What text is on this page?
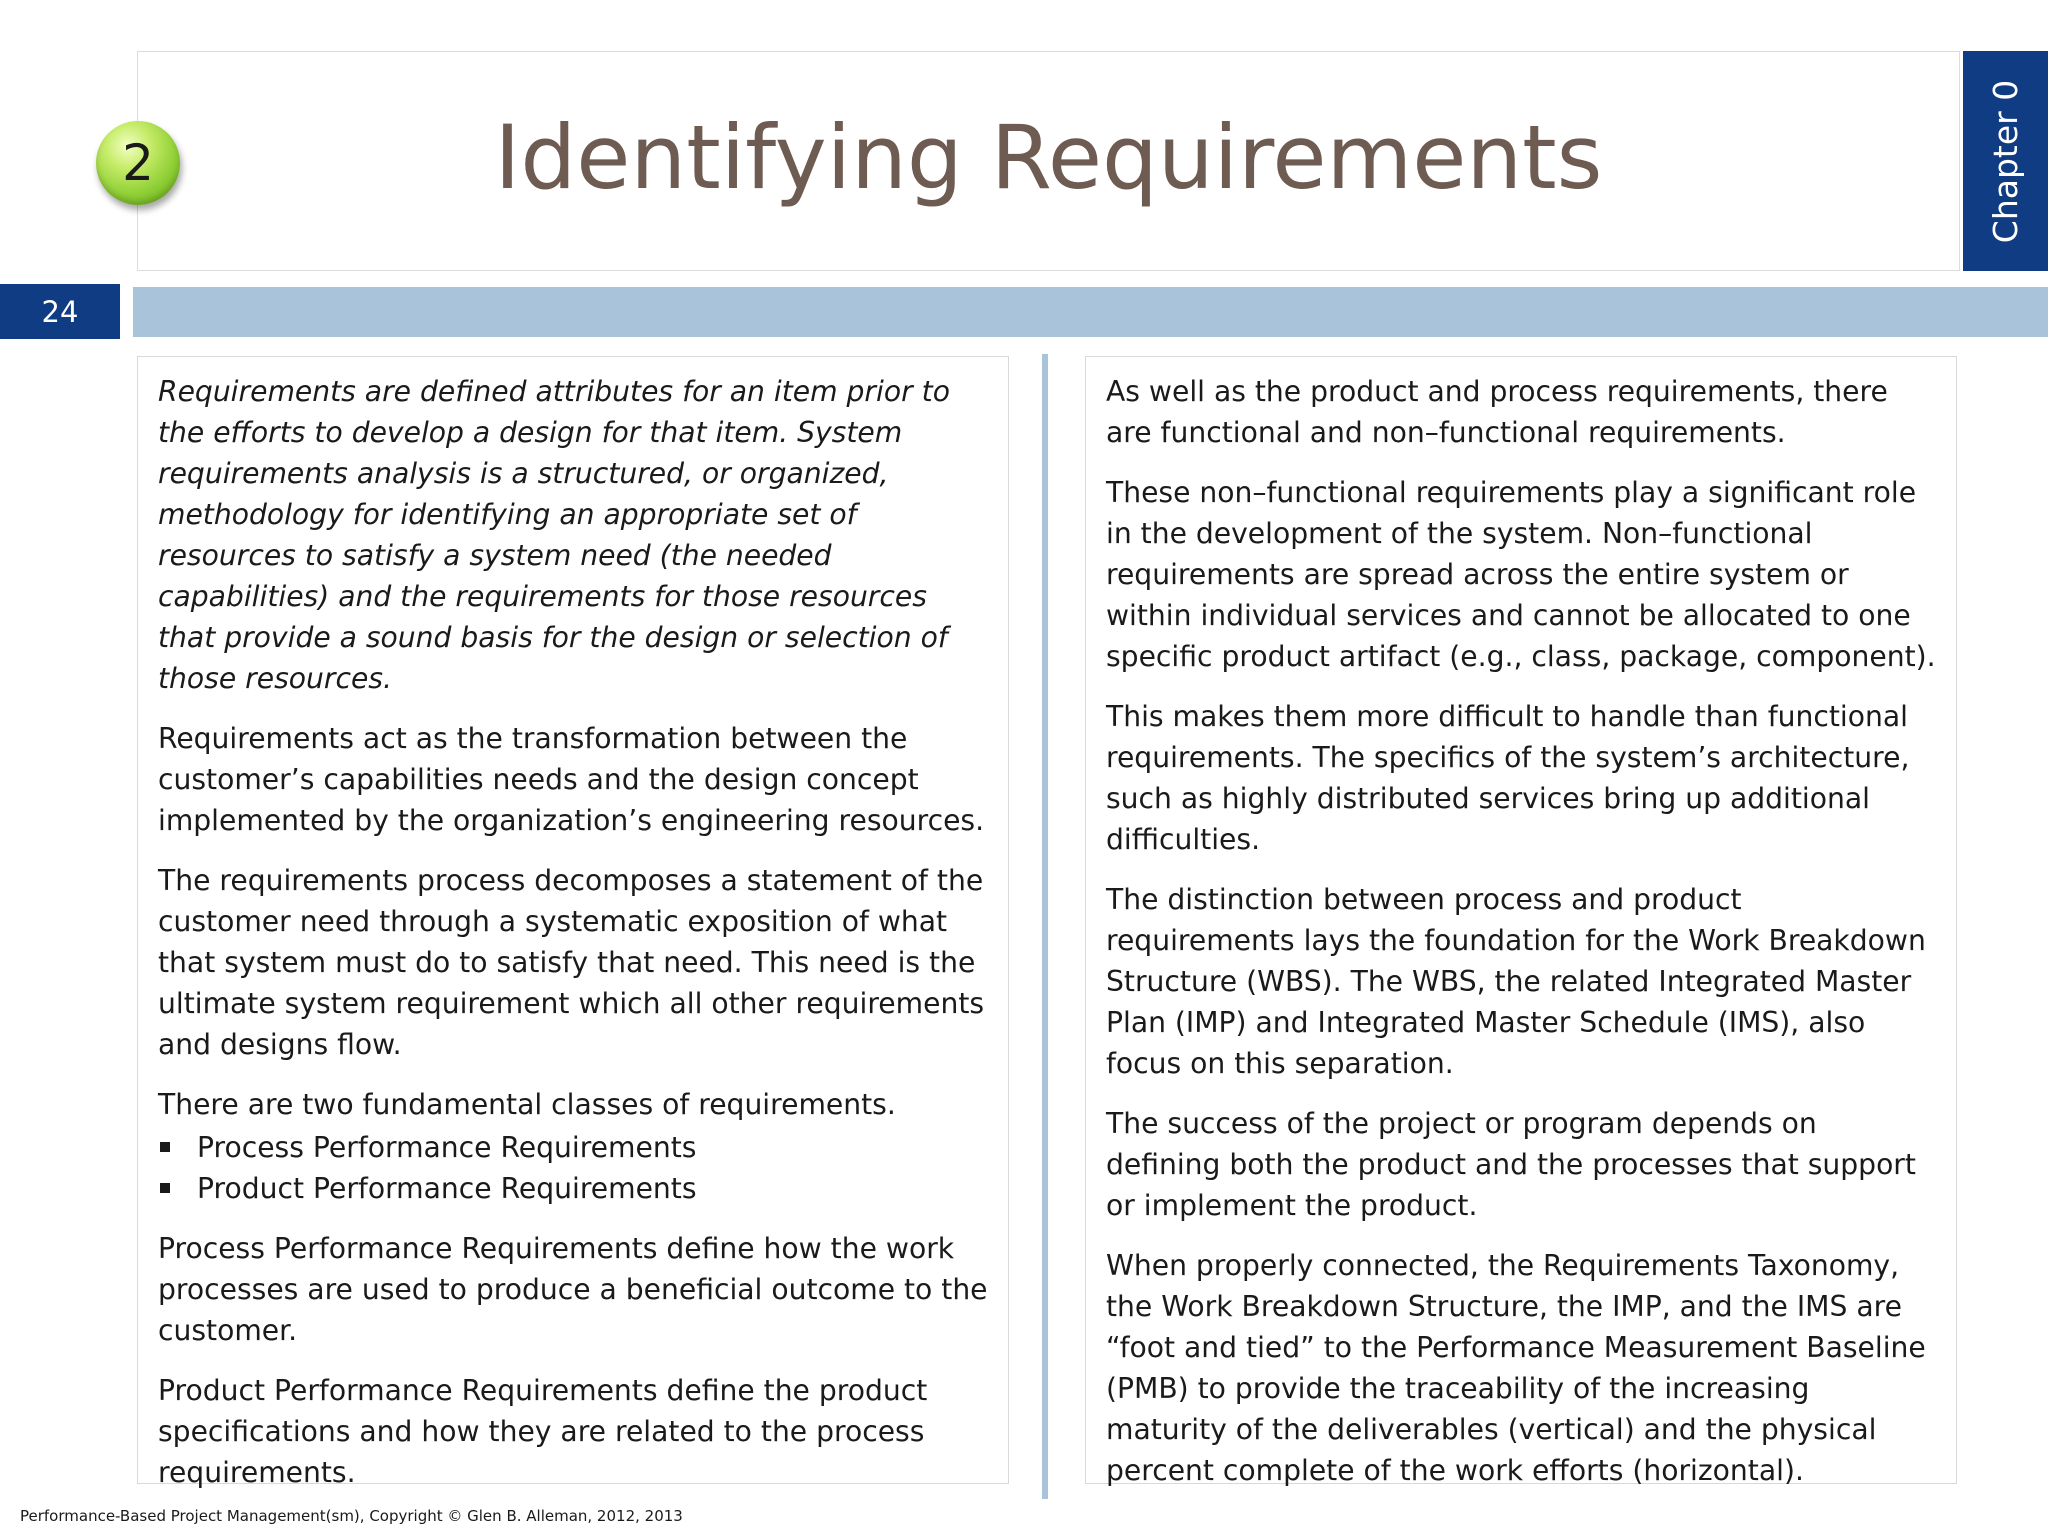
2	Identifying Requirements	Chapter 0
24

Requirements are defined attributes for an item prior to the efforts to develop a design for that item. System requirements analysis is a structured, or organized, methodology for identifying an appropriate set of resources to satisfy a system need (the needed capabilities) and the requirements for those resources that provide a sound basis for the design or selection of those resources.

Requirements act as the transformation between the customer’s capabilities needs and the design concept implemented by the organization’s engineering resources.

The requirements process decomposes a statement of the customer need through a systematic exposition of what that system must do to satisfy that need. This need is the ultimate system requirement which all other requirements and designs flow.

There are two fundamental classes of requirements.

Process Performance Requirements
Product Performance Requirements

Process Performance Requirements define how the work processes are used to produce a beneficial outcome to the customer.

Product Performance Requirements define the product specifications and how they are related to the process requirements.

As well as the product and process requirements, there are functional and non–functional requirements.

These non–functional requirements play a significant role in the development of the system. Non–functional requirements are spread across the entire system or within individual services and cannot be allocated to one specific product artifact (e.g., class, package, component).

This makes them more difficult to handle than functional requirements. The specifics of the system’s architecture, such as highly distributed services bring up additional difficulties.

The distinction between process and product requirements lays the foundation for the Work Breakdown Structure (WBS). The WBS, the related Integrated Master Plan (IMP) and Integrated Master Schedule (IMS), also focus on this separation.

The success of the project or program depends on defining both the product and the processes that support or implement the product.

When properly connected, the Requirements Taxonomy, the Work Breakdown Structure, the IMP, and the IMS are “foot and tied” to the Performance Measurement Baseline (PMB) to provide the traceability of the increasing maturity of the deliverables (vertical) and the physical percent complete of the work efforts (horizontal).

Performance-Based Project Management(sm), Copyright © Glen B. Alleman, 2012, 2013
